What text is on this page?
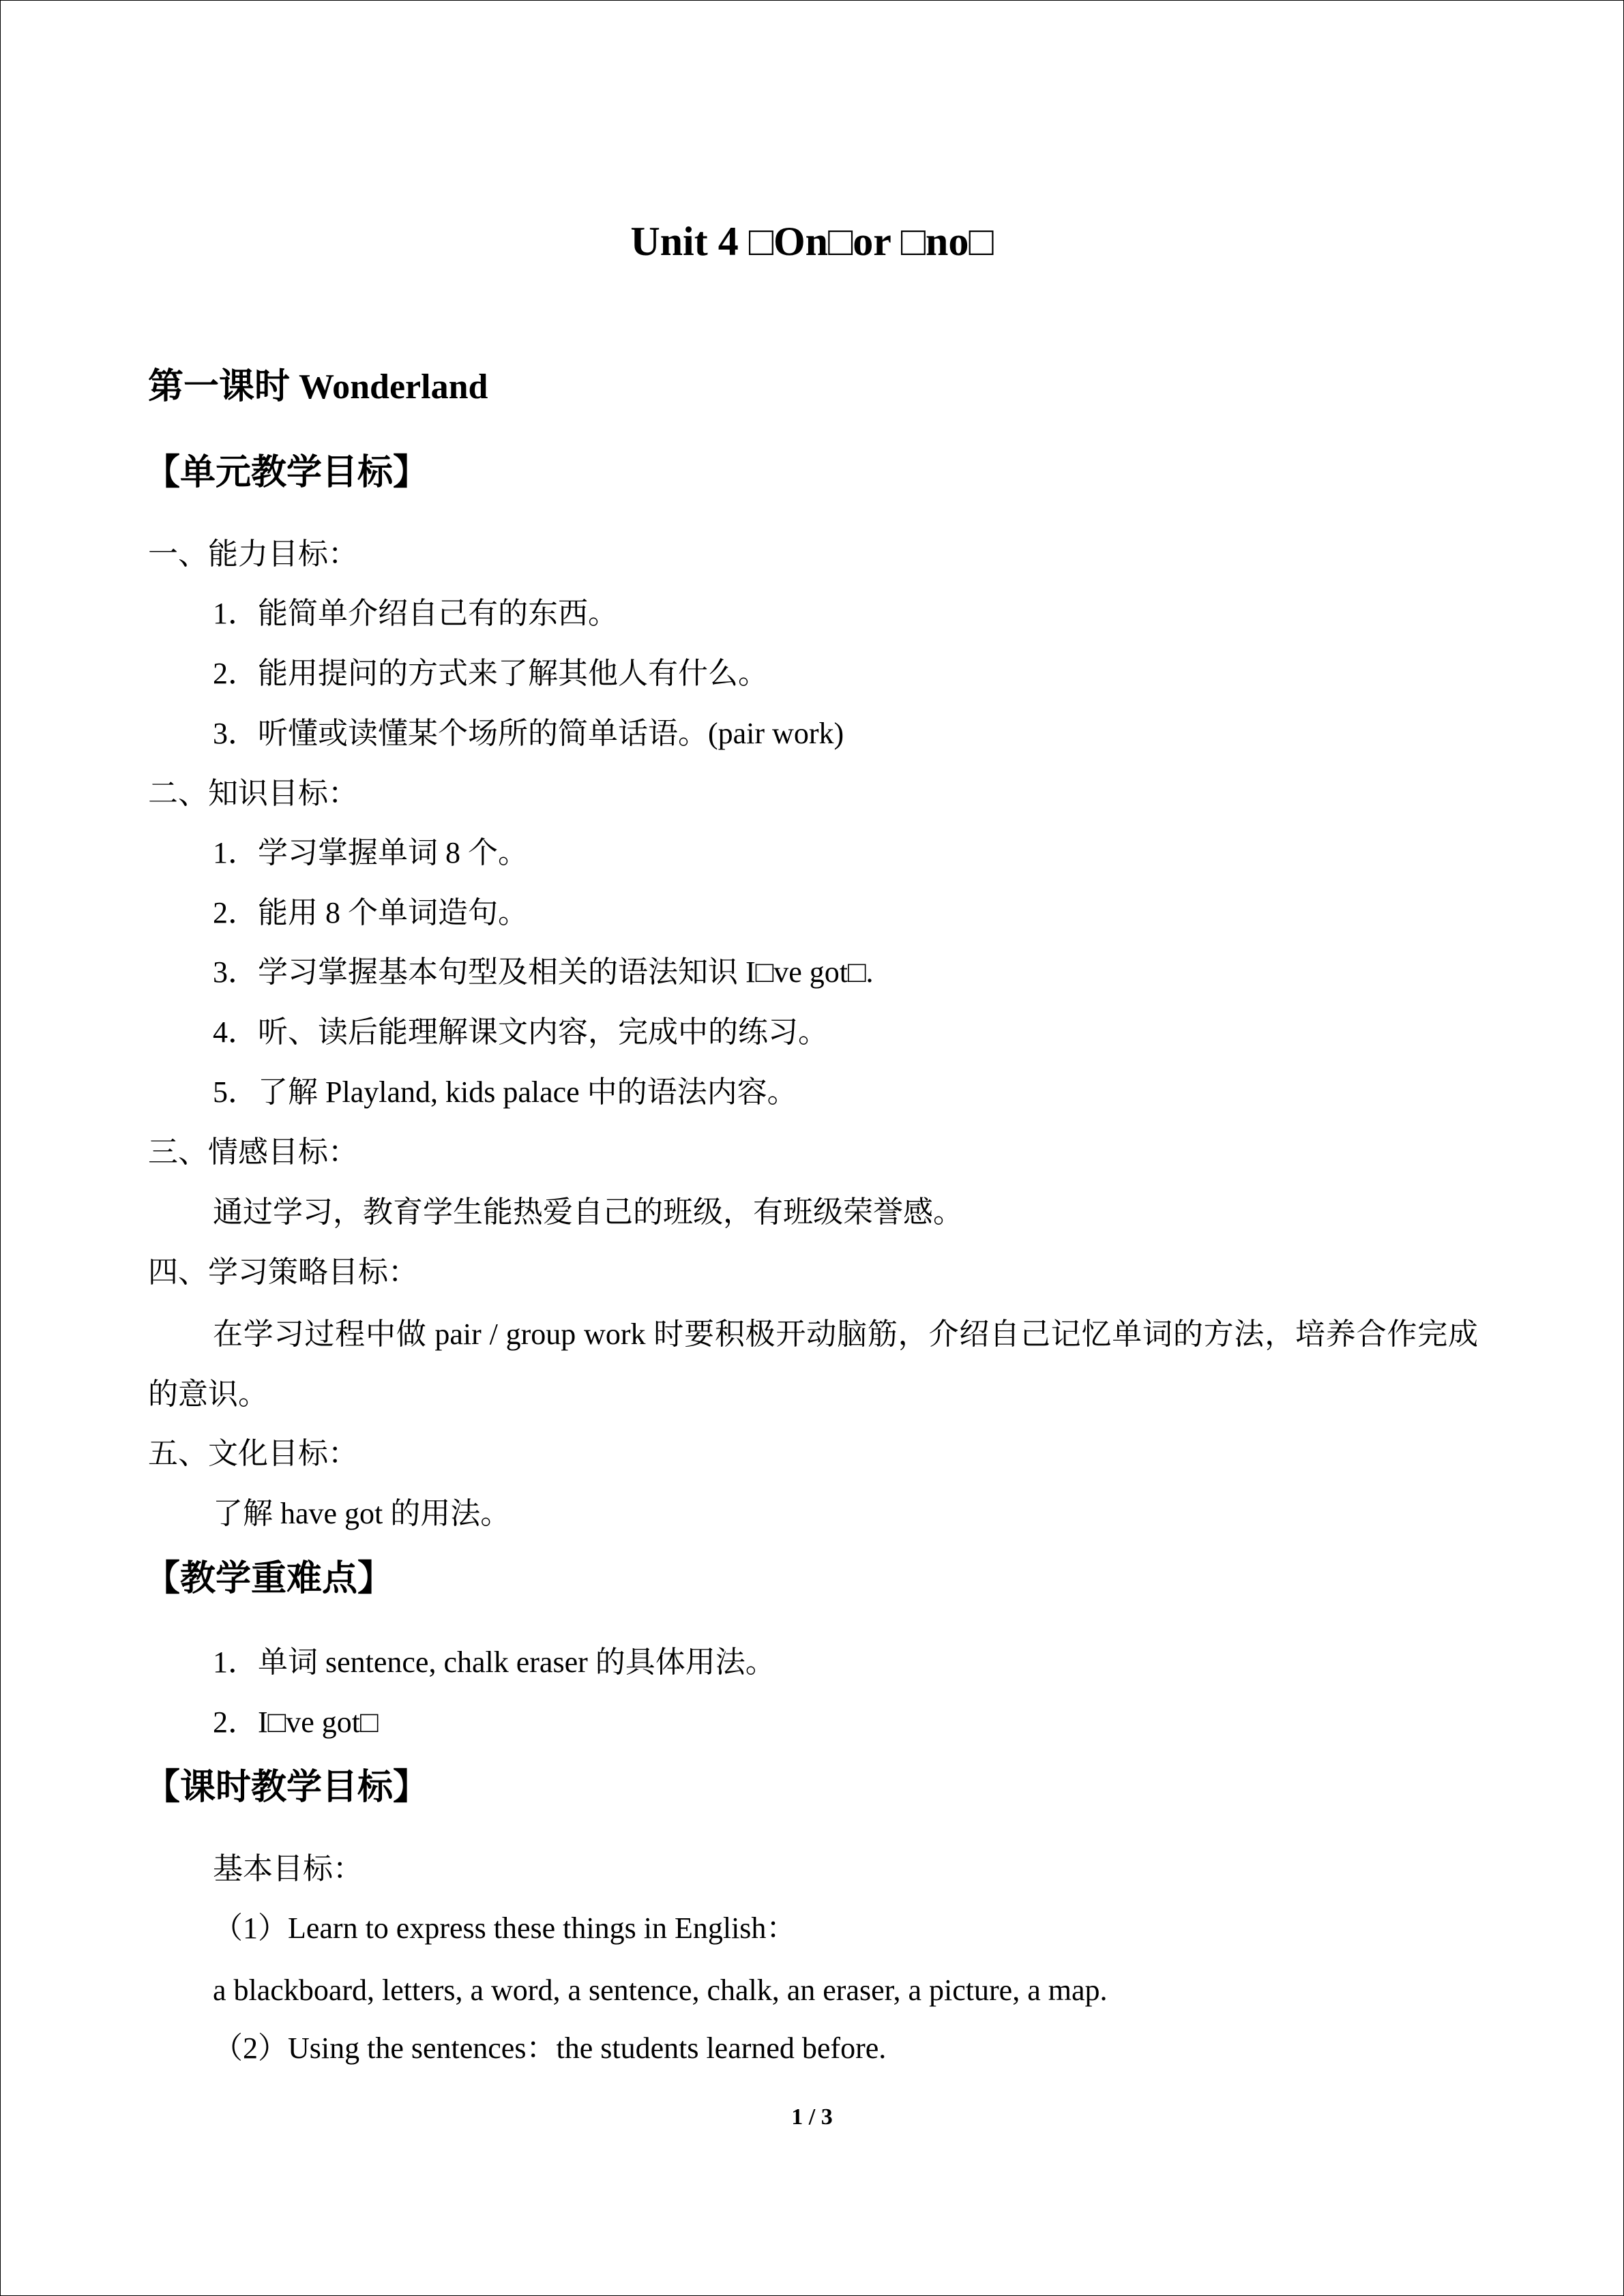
Unit 4 □On□or □no□
第一课时 Wonderland
【单元教学目标】
一、能力目标：
1．能简单介绍自己有的东西。
2．能用提问的方式来了解其他人有什么。
3．听懂或读懂某个场所的简单话语。(pair work)
二、知识目标：
1．学习掌握单词 8 个。
2．能用 8 个单词造句。
3．学习掌握基本句型及相关的语法知识 I□ve got□.
4．听、读后能理解课文内容，完成中的练习。
5．了解 Playland, kids palace 中的语法内容。
三、情感目标：
通过学习，教育学生能热爱自己的班级，有班级荣誉感。
四、学习策略目标：
在学习过程中做 pair / group work 时要积极开动脑筋，介绍自己记忆单词的方法，培养合作完成的意识。
五、文化目标：
了解 have got 的用法。
【教学重难点】
1．单词 sentence, chalk eraser 的具体用法。
2．I□ve got□
【课时教学目标】
基本目标：
（1）Learn to express these things in English：
a blackboard, letters, a word, a sentence, chalk, an eraser, a picture, a map.
（2）Using the sentences：the students learned before.
1 / 3
